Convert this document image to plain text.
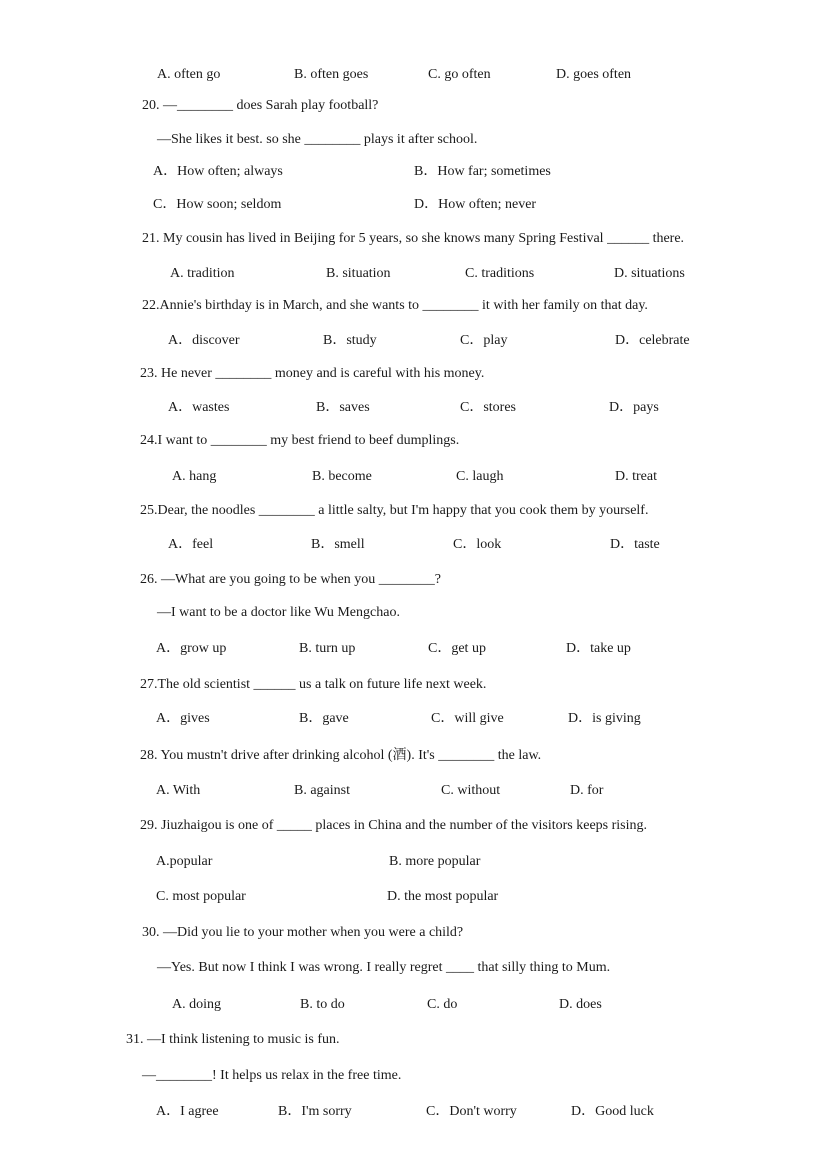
A. often go	B. often goes	C. go often	D. goes often
20. —________ does Sarah play football?
—She likes it best. so she ________ plays it after school.
A．How often; always	B．How far; sometimes
C．How soon; seldom	D．How often; never
21. My cousin has lived in Beijing for 5 years, so she knows many Spring Festival ______ there.
A. tradition	B. situation	C. traditions	D. situations
22.Annie's birthday is in March, and she wants to ________ it with her family on that day.
A．discover	B．study	C．play	D．celebrate
23. He never ________ money and is careful with his money.
A．wastes	B．saves	C．stores	D．pays
24.I want to ________ my best friend to beef dumplings.
A. hang	B. become	C. laugh	D. treat
25.Dear, the noodles ________ a little salty, but I'm happy that you cook them by yourself.
A．feel	B．smell	C．look	D．taste
26. —What are you going to be when you ________?
—I want to be a doctor like Wu Mengchao.
A．grow up	B. turn up	C．get up	D．take up
27.The old scientist ______ us a talk on future life next week.
A．gives	B．gave	C．will give	D．is giving
28. You mustn't drive after drinking alcohol (酒). It's ________ the law.
A. With	B. against	C. without	D. for
29. Jiuzhaigou is one of _____ places in China and the number of the visitors keeps rising.
A.popular	B. more popular
C. most popular	D. the most popular
30. —Did you lie to your mother when you were a child?
—Yes. But now I think I was wrong. I really regret ____ that silly thing to Mum.
A. doing	B. to do	C. do	D. does
31. —I think listening to music is fun.
—________! It helps us relax in the free time.
A．I agree	B．I'm sorry	C．Don't worry	D．Good luck
